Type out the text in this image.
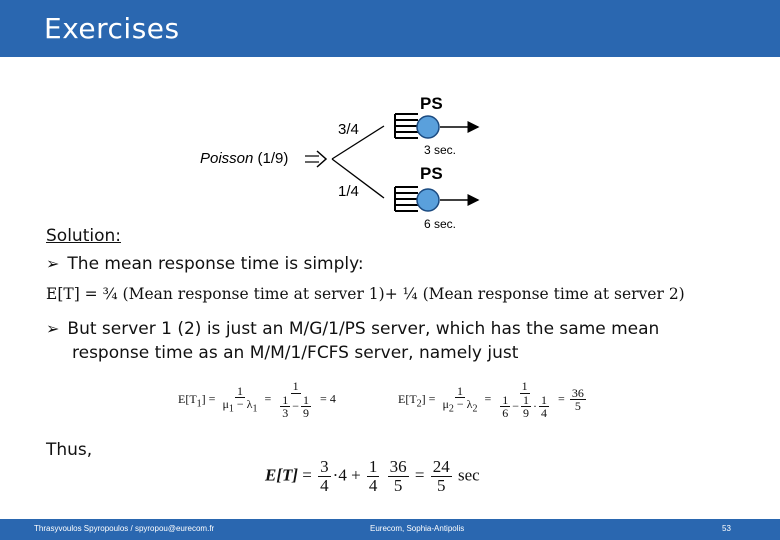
Exercises
Poisson (1/9)
3/4
1/4
PS
PS
3 sec.
6 sec.
Solution:
➢ The mean response time is simply:
E[T] = ¾ (Mean response time at server 1)+ ¼ (Mean response time at server 2)
➢ But server 1 (2) is just an M/G/1/PS server, which has the same mean
response time as an M/M/1/FCFS server, namely just
$E[T_1] = \frac{1}{\mu_1 - \lambda_1} = \frac{1}{\frac{1}{3} - \frac{1}{9}} = 4$	$E[T_2] = \frac{1}{\mu_2 - \lambda_2} = \frac{1}{\frac{1}{6} - \frac{1}{9} \cdot \frac{1}{4}} = \frac{36}{5}$
Thus,
$E[T] = \frac{3}{4} \cdot 4 + \frac{1}{4}$
$\frac{36}{5} = \frac{24}{5}$ sec
Thrasyvoulos Spyropoulos / spyropou@eurecom.fr	Eurecom, Sophia-Antipolis	53
